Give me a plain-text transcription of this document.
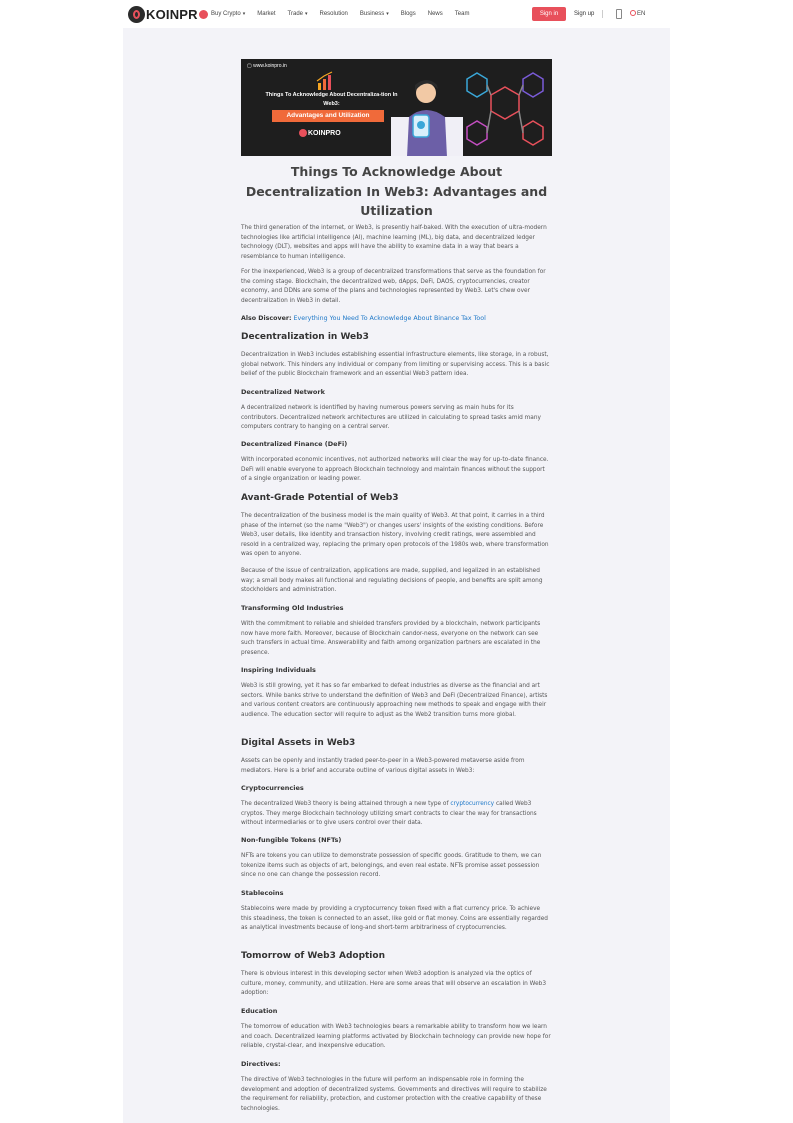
KOINPR Buy Crypto ▾ Market Trade ▾ Resolution Business ▾ Blogs News Team	Sign in	Sign up	EN
▢ www.koinpro.in
Things To Acknowledge About Decentraliza-tion In Web3:
Advantages and Utilization
KOINPRO
Things To Acknowledge About Decentralization In Web3: Advantages and Utilization

The third generation of the internet, or Web3, is presently half-baked. With the execution of ultra-modern technologies like artificial intelligence (AI), machine learning (ML), big data, and decentralized ledger technology (DLT), websites and apps will have the ability to examine data in a way that bears a resemblance to human intelligence.

For the inexperienced, Web3 is a group of decentralized transformations that serve as the foundation for the coming stage. Blockchain, the decentralized web, dApps, DeFi, DAOS, cryptocurrencies, creator economy, and DDNs are some of the plans and technologies represented by Web3. Let's chew over decentralization in Web3 in detail.

Also Discover: Everything You Need To Acknowledge About Binance Tax Tool

Decentralization in Web3

Decentralization in Web3 includes establishing essential infrastructure elements, like storage, in a robust, global network. This hinders any individual or company from limiting or supervising access. This is a basic belief of the public Blockchain framework and an essential Web3 pattern idea.

Decentralized Network

A decentralized network is identified by having numerous powers serving as main hubs for its contributors. Decentralized network architectures are utilized in calculating to spread tasks amid many computers contrary to hanging on a central server.

Decentralized Finance (DeFi)

With incorporated economic incentives, not authorized networks will clear the way for up-to-date finance. DeFi will enable everyone to approach Blockchain technology and maintain finances without the support of a single organization or leading power.

Avant-Grade Potential of Web3

The decentralization of the business model is the main quality of Web3. At that point, it carries in a third phase of the internet (so the name "Web3") or changes users' insights of the existing conditions. Before Web3, user details, like identity and transaction history, involving credit ratings, were assembled and resold in a centralized way, replacing the primary open protocols of the 1980s web, where transformation was open to anyone.

Because of the issue of centralization, applications are made, supplied, and legalized in an established way; a small body makes all functional and regulating decisions of people, and benefits are split among stockholders and administration.

Transforming Old Industries

With the commitment to reliable and shielded transfers provided by a blockchain, network participants now have more faith. Moreover, because of Blockchain candor-ness, everyone on the network can see such transfers in actual time. Answerability and faith among organization partners are escalated in the presence.

Inspiring Individuals

Web3 is still growing, yet it has so far embarked to defeat industries as diverse as the financial and art sectors. While banks strive to understand the definition of Web3 and DeFi (Decentralized Finance), artists and various content creators are continuously approaching new methods to speak and engage with their audience. The education sector will require to adjust as the Web2 transition turns more global.

Digital Assets in Web3

Assets can be openly and instantly traded peer-to-peer in a Web3-powered metaverse aside from mediators. Here is a brief and accurate outline of various digital assets in Web3:

Cryptocurrencies

The decentralized Web3 theory is being attained through a new type of cryptocurrency called Web3 cryptos. They merge Blockchain technology utilizing smart contracts to clear the way for transactions without intermediaries or to give users control over their data.

Non-fungible Tokens (NFTs)

NFTs are tokens you can utilize to demonstrate possession of specific goods. Gratitude to them, we can tokenize items such as objects of art, belongings, and even real estate. NFTs promise asset possession since no one can change the possession record.

Stablecoins

Stablecoins were made by providing a cryptocurrency token fixed with a fiat currency price. To achieve this steadiness, the token is connected to an asset, like gold or fiat money. Coins are essentially regarded as analytical investments because of long-and short-term arbitrariness of cryptocurrencies.

Tomorrow of Web3 Adoption

There is obvious interest in this developing sector when Web3 adoption is analyzed via the optics of culture, money, community, and utilization. Here are some areas that will observe an escalation in Web3 adoption:

Education

The tomorrow of education with Web3 technologies bears a remarkable ability to transform how we learn and coach. Decentralized learning platforms activated by Blockchain technology can provide new hope for reliable, crystal-clear, and inexpensive education.

Directives:

The directive of Web3 technologies in the future will perform an indispensable role in forming the development and adoption of decentralized systems. Governments and directives will require to stabilize the requirement for reliability, protection, and customer protection with the creative capability of these technologies.
